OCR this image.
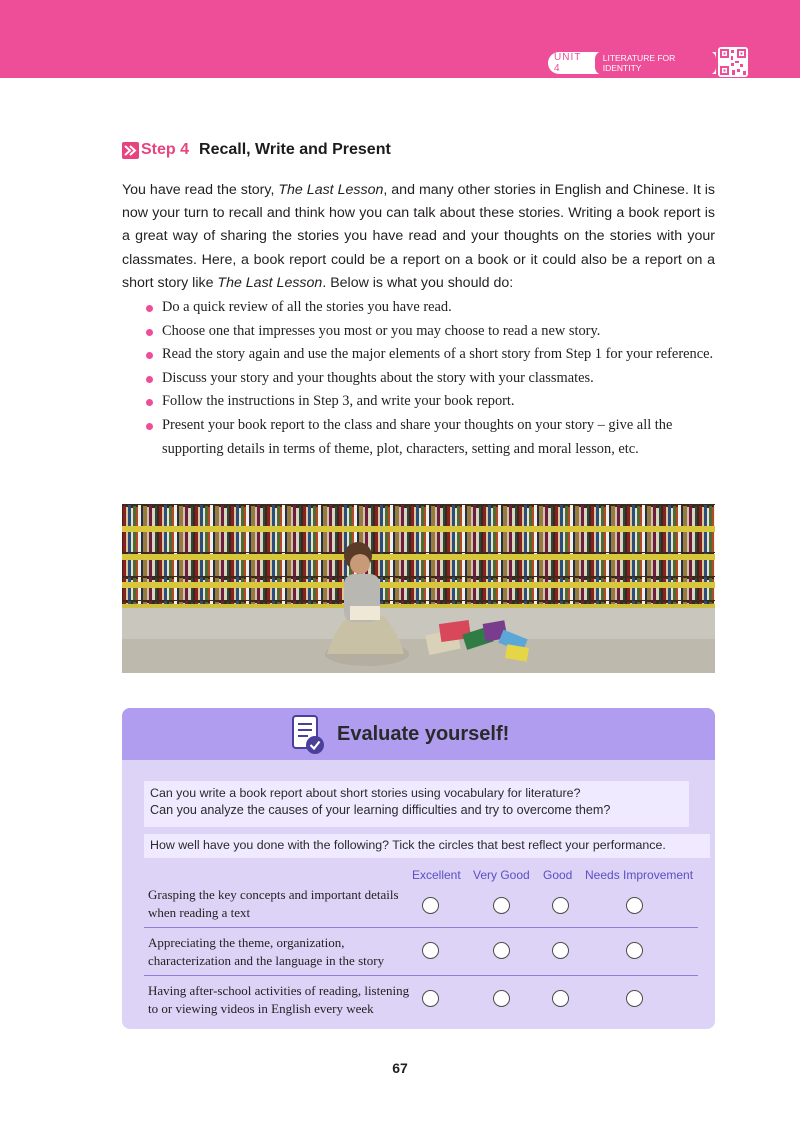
UNIT 4
LITERATURE FOR IDENTITY
Step 4 Recall, Write and Present

You have read the story, The Last Lesson, and many other stories in English and Chinese. It is now your turn to recall and think how you can talk about these stories. Writing a book report is a great way of sharing the stories you have read and your thoughts on the stories with your classmates. Here, a book report could be a report on a book or it could also be a report on a short story like The Last Lesson. Below is what you should do:

Do a quick review of all the stories you have read.
Choose one that impresses you most or you may choose to read a new story.
Read the story again and use the major elements of a short story from Step 1 for your reference.
Discuss your story and your thoughts about the story with your classmates.
Follow the instructions in Step 3, and write your book report.
Present your book report to the class and share your thoughts on your story – give all the supporting details in terms of theme, plot, characters, setting and moral lesson, etc.
Evaluate yourself!

Can you write a book report about short stories using vocabulary for literature?

Can you analyze the causes of your learning difficulties and try to overcome them?

How well have you done with the following? Tick the circles that best reflect your performance.
Excellent Very Good Good Needs Improvement
Grasping the key concepts and important details when reading a text
Appreciating the theme, organization, characterization and the language in the story
Having after-school activities of reading, listening to or viewing videos in English every week
67
